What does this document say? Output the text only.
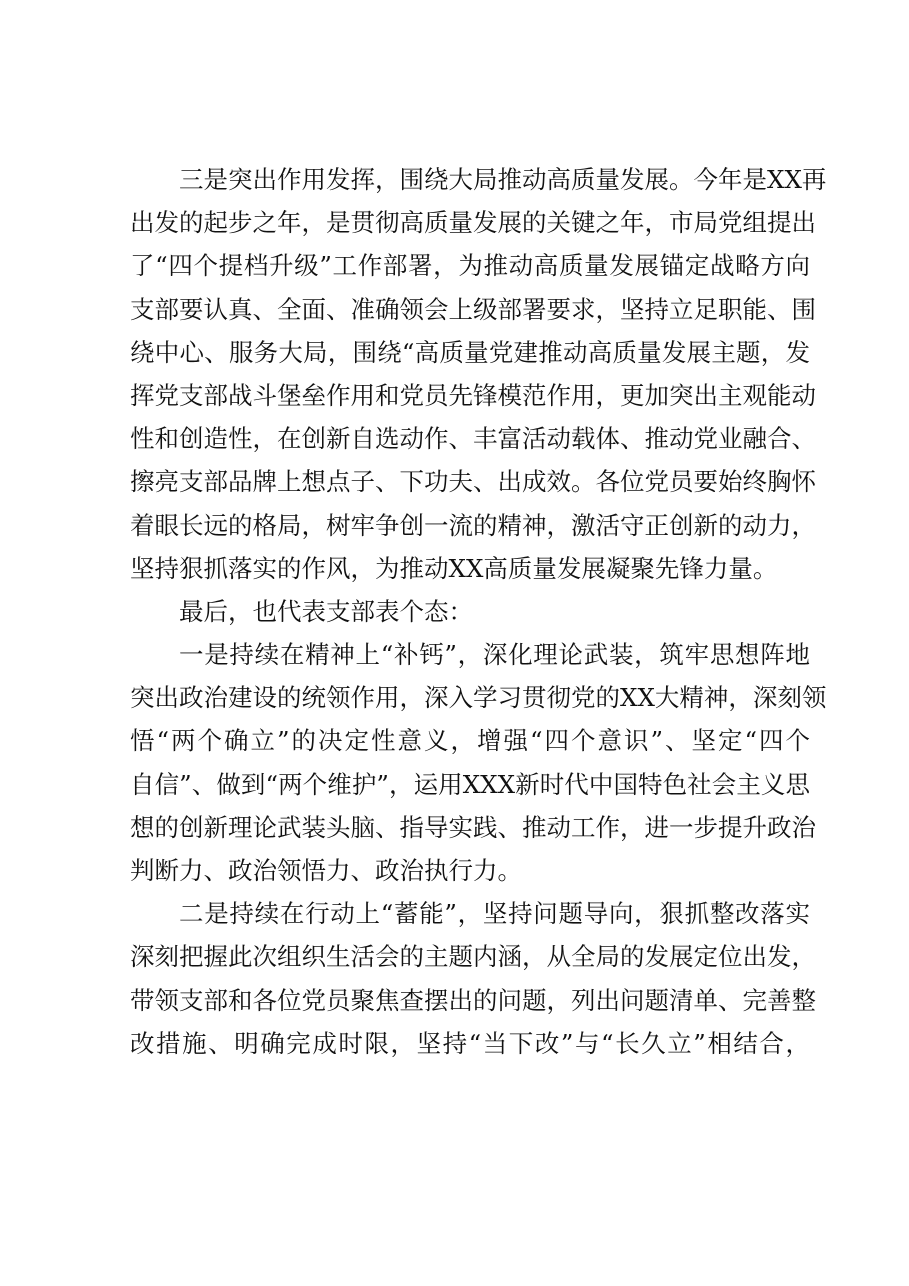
三是突出作用发挥，围绕大局推动高质量发展。今年是XX再
出发的起步之年，是贯彻高质量发展的关键之年，市局党组提出
了“四个提档升级”工作部署，为推动高质量发展锚定战略方向
支部要认真、全面、准确领会上级部署要求，坚持立足职能、围
绕中心、服务大局，围绕“高质量党建推动高质量发展主题，发
挥党支部战斗堡垒作用和党员先锋模范作用，更加突出主观能动
性和创造性，在创新自选动作、丰富活动载体、推动党业融合、
擦亮支部品牌上想点子、下功夫、出成效。各位党员要始终胸怀
着眼长远的格局，树牢争创一流的精神，激活守正创新的动力，
坚持狠抓落实的作风，为推动XX高质量发展凝聚先锋力量。
最后，也代表支部表个态：
一是持续在精神上“补钙”，深化理论武装，筑牢思想阵地
突出政治建设的统领作用，深入学习贯彻党的XX大精神，深刻领
悟“两个确立”的决定性意义，增强“四个意识”、坚定“四个
自信”、做到“两个维护”，运用XXX新时代中国特色社会主义思
想的创新理论武装头脑、指导实践、推动工作，进一步提升政治
判断力、政治领悟力、政治执行力。
二是持续在行动上“蓄能”，坚持问题导向，狠抓整改落实
深刻把握此次组织生活会的主题内涵，从全局的发展定位出发，
带领支部和各位党员聚焦查摆出的问题，列出问题清单、完善整
改措施、明确完成时限，坚持“当下改”与“长久立”相结合，
